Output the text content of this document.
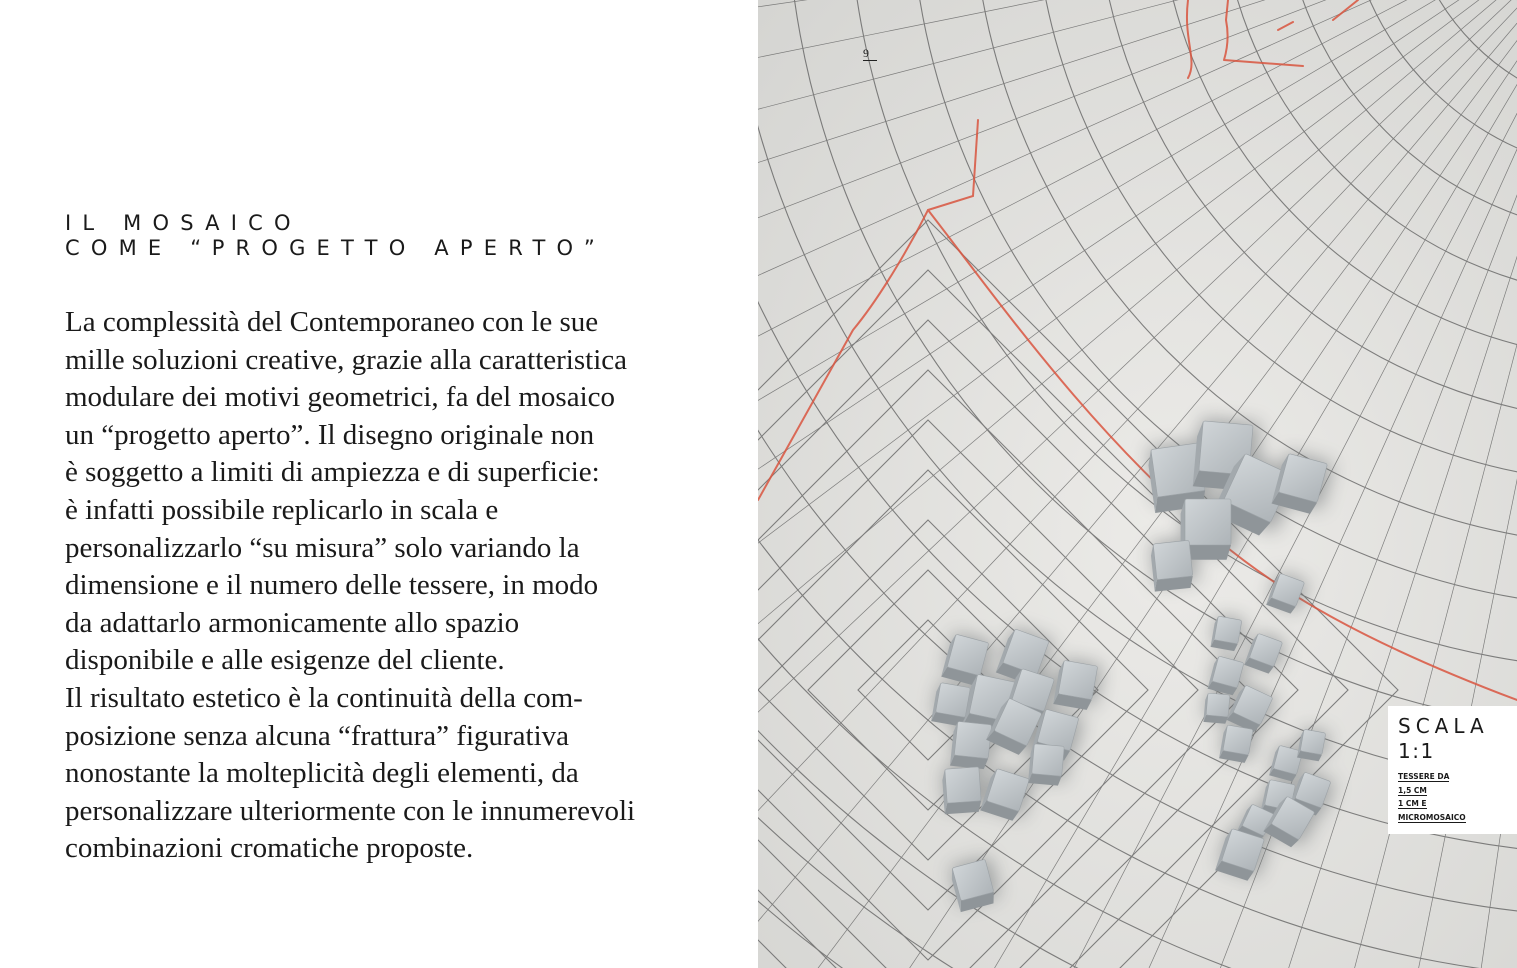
IL MOSAICO
COME “PROGETTO APERTO”

La complessità del Contemporaneo con le sue
mille soluzioni creative, grazie alla caratteristica
modulare dei motivi geometrici, fa del mosaico
un “progetto aperto”. Il disegno originale non
è soggetto a limiti di ampiezza e di superficie:
è infatti possibile replicarlo in scala e
personalizzarlo “su misura” solo variando la
dimensione e il numero delle tessere, in modo
da adattarlo armonicamente allo spazio
disponibile e alle esigenze del cliente.
Il risultato estetico è la continuità della com-
posizione senza alcuna “frattura” figurativa
nonostante la molteplicità degli elementi, da
personalizzare ulteriormente con le innumerevoli
combinazioni cromatiche proposte.

9
SCALA
1:1
TESSERE DA
1,5 CM
1 CM E
MICROMOSAICO
